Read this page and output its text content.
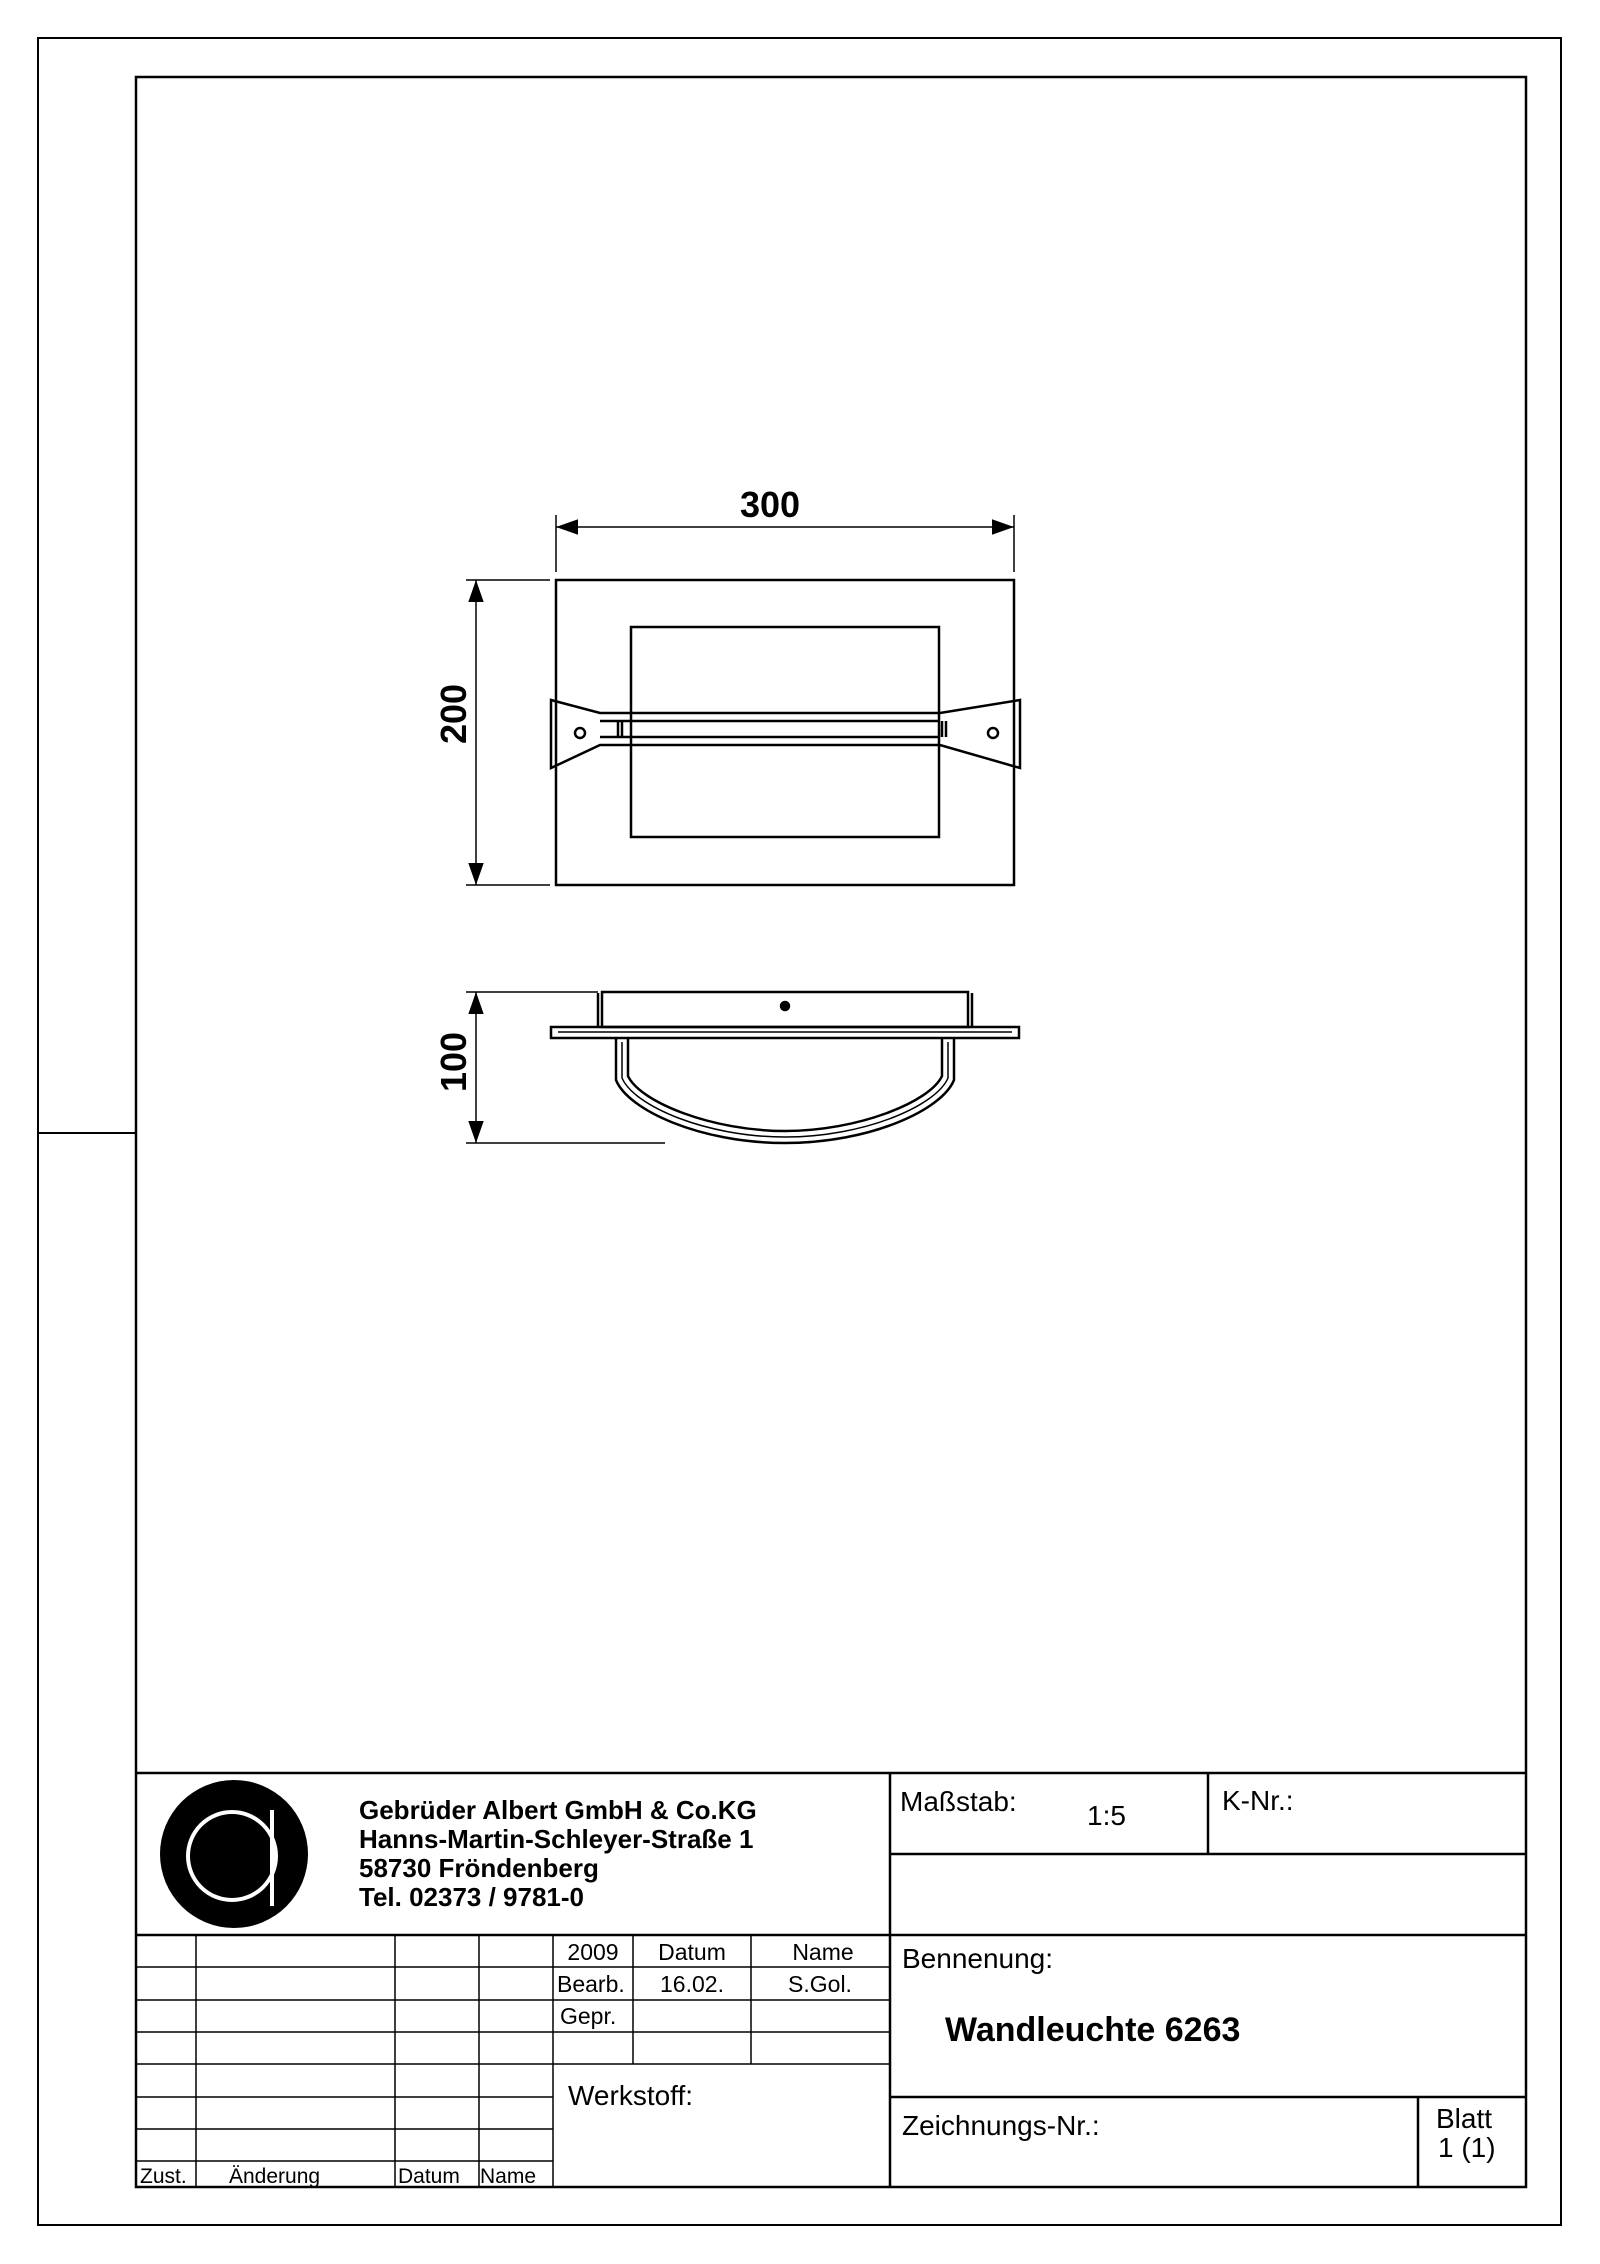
300
200
100
Gebrüder Albert GmbH & Co.KG
Hanns-Martin-Schleyer-Straße 1
58730 Fröndenberg
Tel. 02373 / 9781-0
Maßstab:	1:5	K-Nr.:
2009 Datum	Name
Bearb. 16.02.	S.Gol.
Gepr.
Werkstoff:
Zust. Änderung	Datum Name
Bennenung:
Wandleuchte 6263
Zeichnungs-Nr.:	Blatt
1 (1)
